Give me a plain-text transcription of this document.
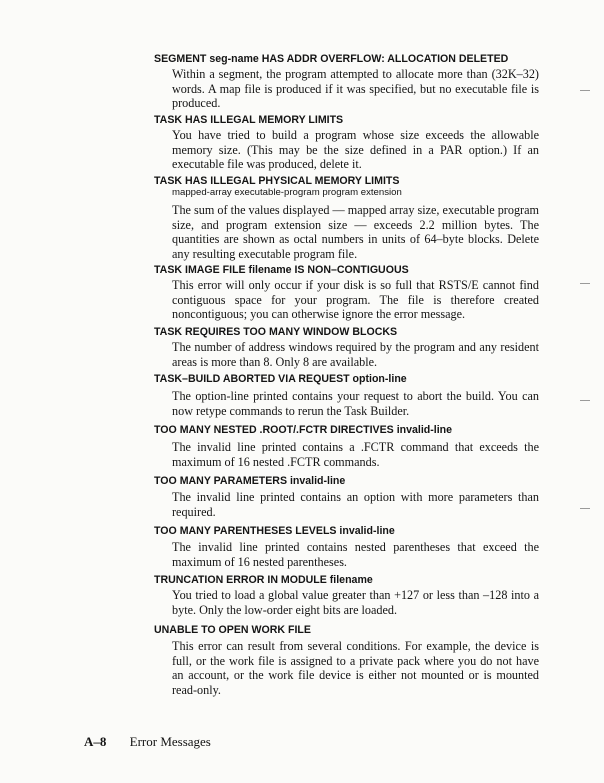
SEGMENT seg-name HAS ADDR OVERFLOW: ALLOCATION DELETED
Within a segment, the program attempted to allocate more than (32K–32) words. A map file is produced if it was specified, but no executable file is produced.
TASK HAS ILLEGAL MEMORY LIMITS
You have tried to build a program whose size exceeds the allowable memory size. (This may be the size defined in a PAR option.) If an executable file was produced, delete it.
TASK HAS ILLEGAL PHYSICAL MEMORY LIMITS
mapped-array executable-program program extension
The sum of the values displayed — mapped array size, executable program size, and program extension size — exceeds 2.2 million bytes. The quantities are shown as octal numbers in units of 64–byte blocks. Delete any resulting executable program file.
TASK IMAGE FILE filename IS NON–CONTIGUOUS
This error will only occur if your disk is so full that RSTS/E cannot find contiguous space for your program. The file is therefore created noncontiguous; you can otherwise ignore the error message.
TASK REQUIRES TOO MANY WINDOW BLOCKS
The number of address windows required by the program and any resident areas is more than 8. Only 8 are available.
TASK–BUILD ABORTED VIA REQUEST option-line
The option-line printed contains your request to abort the build. You can now retype commands to rerun the Task Builder.
TOO MANY NESTED .ROOT/.FCTR DIRECTIVES invalid-line
The invalid line printed contains a .FCTR command that exceeds the maximum of 16 nested .FCTR commands.
TOO MANY PARAMETERS invalid-line
The invalid line printed contains an option with more parameters than required.
TOO MANY PARENTHESES LEVELS invalid-line
The invalid line printed contains nested parentheses that exceed the maximum of 16 nested parentheses.
TRUNCATION ERROR IN MODULE filename
You tried to load a global value greater than +127 or less than –128 into a byte. Only the low-order eight bits are loaded.
UNABLE TO OPEN WORK FILE
This error can result from several conditions. For example, the device is full, or the work file is assigned to a private pack where you do not have an account, or the work file device is either not mounted or is mounted read-only.
A–8 Error Messages
